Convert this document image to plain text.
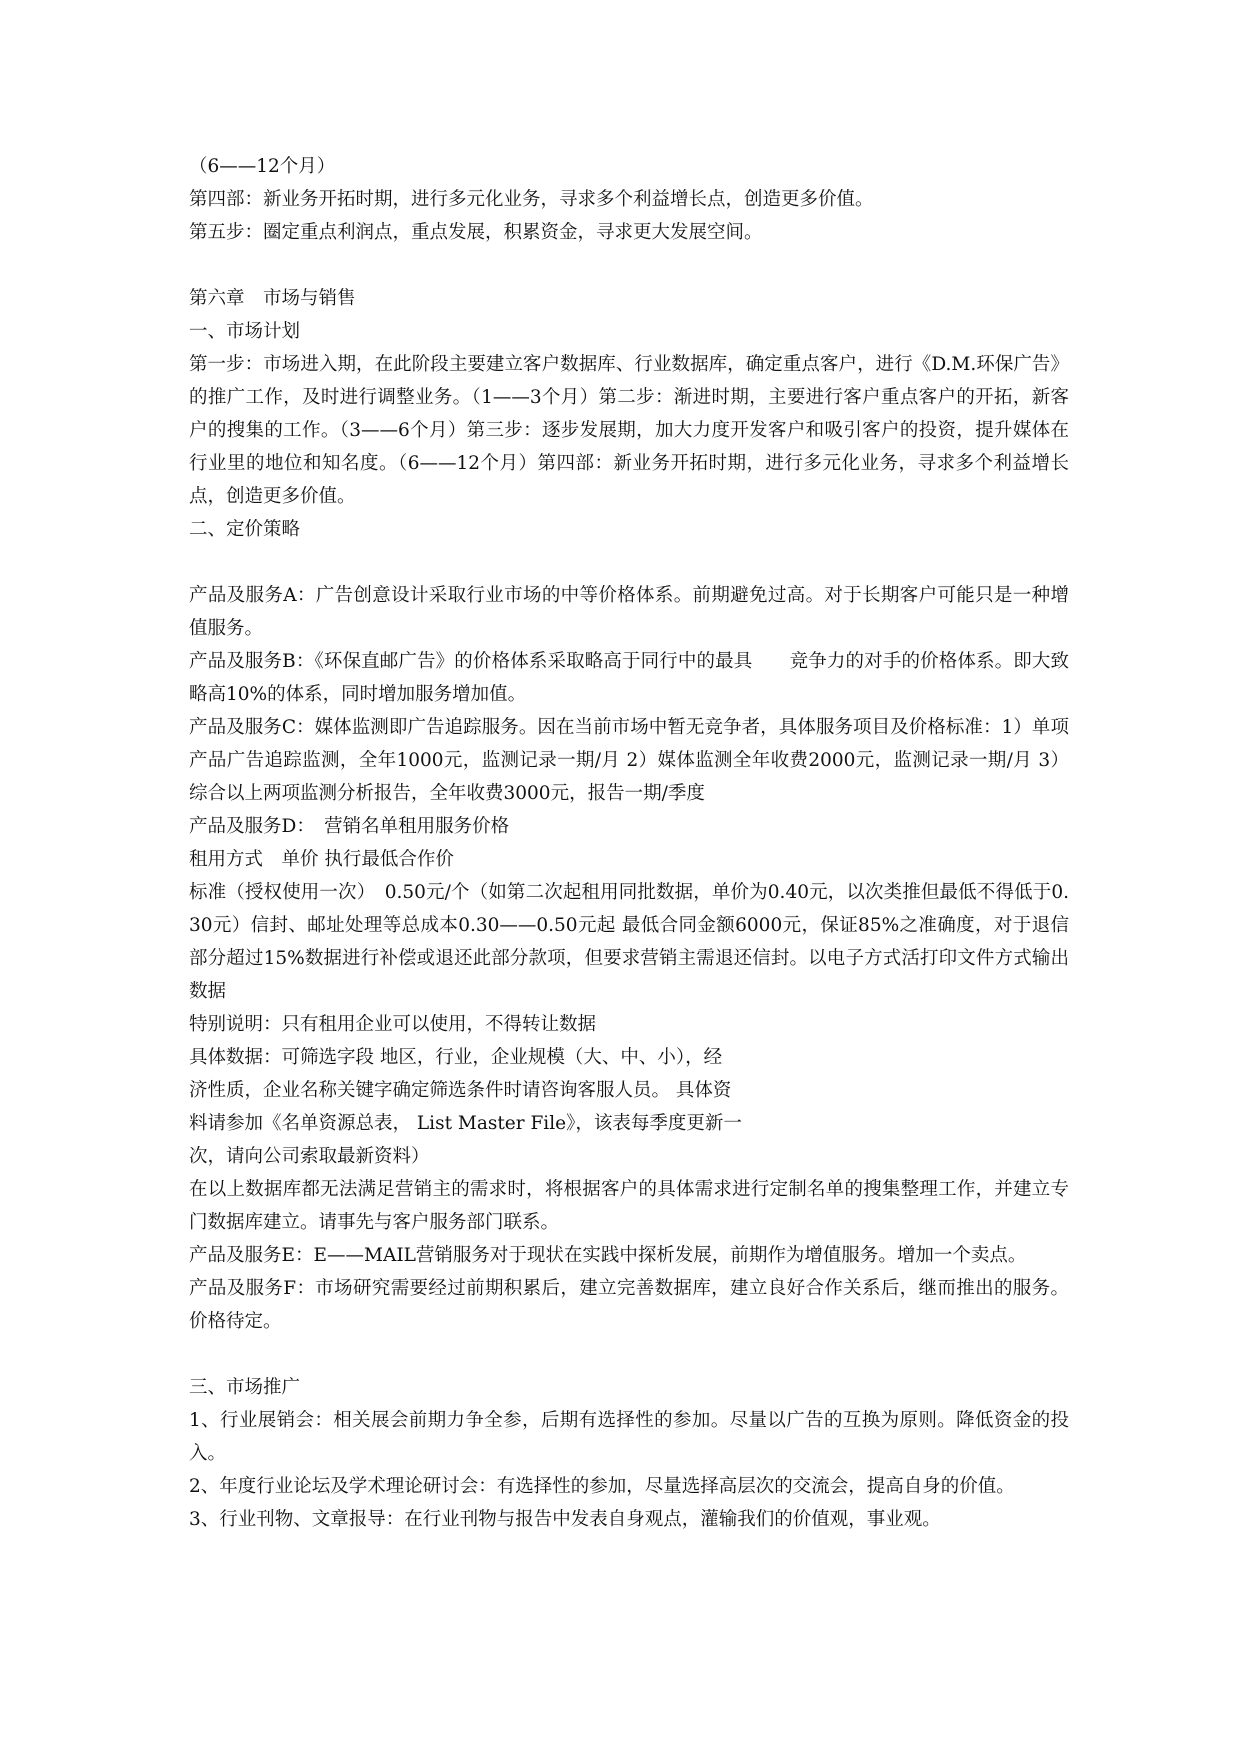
（6——12个月）

第四部：新业务开拓时期，进行多元化业务，寻求多个利益增长点，创造更多价值。

第五步：圈定重点利润点，重点发展，积累资金，寻求更大发展空间。

第六章　市场与销售

一、市场计划

第一步：市场进入期，在此阶段主要建立客户数据库、行业数据库，确定重点客户，进行《D.M.环保广告》的推广工作，及时进行调整业务。（1——3个月）第二步：渐进时期，主要进行客户重点客户的开拓，新客户的搜集的工作。（3——6个月）第三步：逐步发展期，加大力度开发客户和吸引客户的投资，提升媒体在行业里的地位和知名度。（6——12个月）第四部：新业务开拓时期，进行多元化业务，寻求多个利益增长点，创造更多价值。

二、定价策略

产品及服务A：广告创意设计采取行业市场的中等价格体系。前期避免过高。对于长期客户可能只是一种增值服务。

产品及服务B：《环保直邮广告》的价格体系采取略高于同行中的最具　　竞争力的对手的价格体系。即大致略高10%的体系，同时增加服务增加值。

产品及服务C：媒体监测即广告追踪服务。因在当前市场中暂无竞争者，具体服务项目及价格标准：1）单项产品广告追踪监测，全年1000元，监测记录一期/月 2）媒体监测全年收费2000元，监测记录一期/月 3）综合以上两项监测分析报告，全年收费3000元，报告一期/季度

产品及服务D：　营销名单租用服务价格

租用方式　单价 执行最低合作价

标准（授权使用一次）　0.50元/个（如第二次起租用同批数据，单价为0.40元，以次类推但最低不得低于0.30元）信封、邮址处理等总成本0.30——0.50元起 最低合同金额6000元，保证85%之准确度，对于退信部分超过15%数据进行补偿或退还此部分款项，但要求营销主需退还信封。以电子方式活打印文件方式输出数据

特别说明：只有租用企业可以使用，不得转让数据

具体数据：可筛选字段 地区，行业，企业规模（大、中、小），经

济性质，企业名称关键字确定筛选条件时请咨询客服人员。 具体资

料请参加《名单资源总表， List Master File》，该表每季度更新一

次，请向公司索取最新资料）

在以上数据库都无法满足营销主的需求时，将根据客户的具体需求进行定制名单的搜集整理工作，并建立专门数据库建立。请事先与客户服务部门联系。

产品及服务E：E——MAIL营销服务对于现状在实践中探析发展，前期作为增值服务。增加一个卖点。

产品及服务F：市场研究需要经过前期积累后，建立完善数据库，建立良好合作关系后，继而推出的服务。价格待定。

三、市场推广

1、行业展销会：相关展会前期力争全参，后期有选择性的参加。尽量以广告的互换为原则。降低资金的投入。

2、年度行业论坛及学术理论研讨会：有选择性的参加，尽量选择高层次的交流会，提高自身的价值。

3、行业刊物、文章报导：在行业刊物与报告中发表自身观点，灌输我们的价值观，事业观。
